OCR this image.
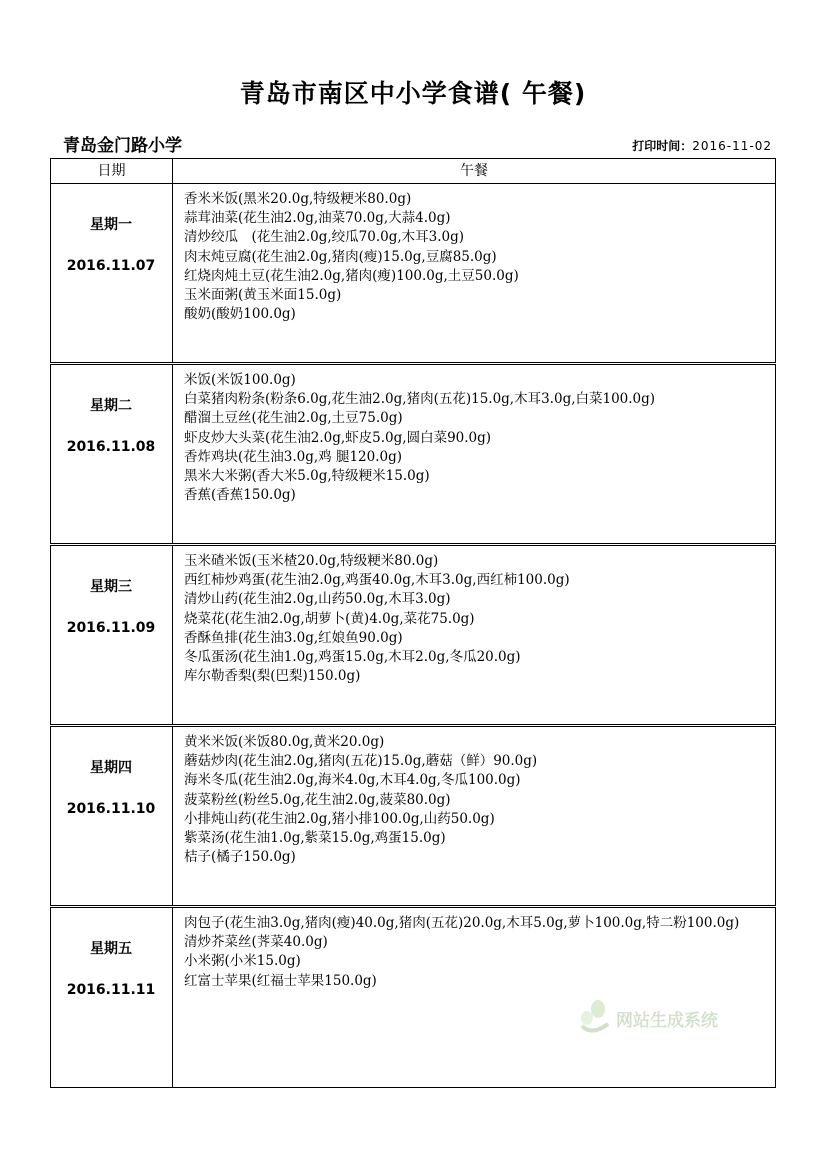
青岛市南区中小学食谱( 午餐)
青岛金门路小学	打印时间：2016-11-02
日期	午餐
星期一
2016.11.07
香米米饭(黑米20.0g,特级粳米80.0g)
蒜茸油菜(花生油2.0g,油菜70.0g,大蒜4.0g)
清炒绞瓜　(花生油2.0g,绞瓜70.0g,木耳3.0g)
肉末炖豆腐(花生油2.0g,猪肉(瘦)15.0g,豆腐85.0g)
红烧肉炖土豆(花生油2.0g,猪肉(瘦)100.0g,土豆50.0g)
玉米面粥(黄玉米面15.0g)
酸奶(酸奶100.0g)
星期二
2016.11.08
米饭(米饭100.0g)
白菜猪肉粉条(粉条6.0g,花生油2.0g,猪肉(五花)15.0g,木耳3.0g,白菜100.0g)
醋溜土豆丝(花生油2.0g,土豆75.0g)
虾皮炒大头菜(花生油2.0g,虾皮5.0g,圆白菜90.0g)
香炸鸡块(花生油3.0g,鸡 腿120.0g)
黑米大米粥(香大米5.0g,特级粳米15.0g)
香蕉(香蕉150.0g)
星期三
2016.11.09
玉米碴米饭(玉米楂20.0g,特级粳米80.0g)
西红柿炒鸡蛋(花生油2.0g,鸡蛋40.0g,木耳3.0g,西红柿100.0g)
清炒山药(花生油2.0g,山药50.0g,木耳3.0g)
烧菜花(花生油2.0g,胡萝卜(黄)4.0g,菜花75.0g)
香酥鱼排(花生油3.0g,红娘鱼90.0g)
冬瓜蛋汤(花生油1.0g,鸡蛋15.0g,木耳2.0g,冬瓜20.0g)
库尔勒香梨(梨(巴梨)150.0g)
星期四
2016.11.10
黄米米饭(米饭80.0g,黄米20.0g)
蘑菇炒肉(花生油2.0g,猪肉(五花)15.0g,蘑菇（鲜）90.0g)
海米冬瓜(花生油2.0g,海米4.0g,木耳4.0g,冬瓜100.0g)
菠菜粉丝(粉丝5.0g,花生油2.0g,菠菜80.0g)
小排炖山药(花生油2.0g,猪小排100.0g,山药50.0g)
紫菜汤(花生油1.0g,紫菜15.0g,鸡蛋15.0g)
桔子(橘子150.0g)
星期五
2016.11.11
肉包子(花生油3.0g,猪肉(瘦)40.0g,猪肉(五花)20.0g,木耳5.0g,萝卜100.0g,特二粉100.0g)
清炒芥菜丝(荠菜40.0g)
小米粥(小米15.0g)
红富士苹果(红福士苹果150.0g)
网站生成系统
